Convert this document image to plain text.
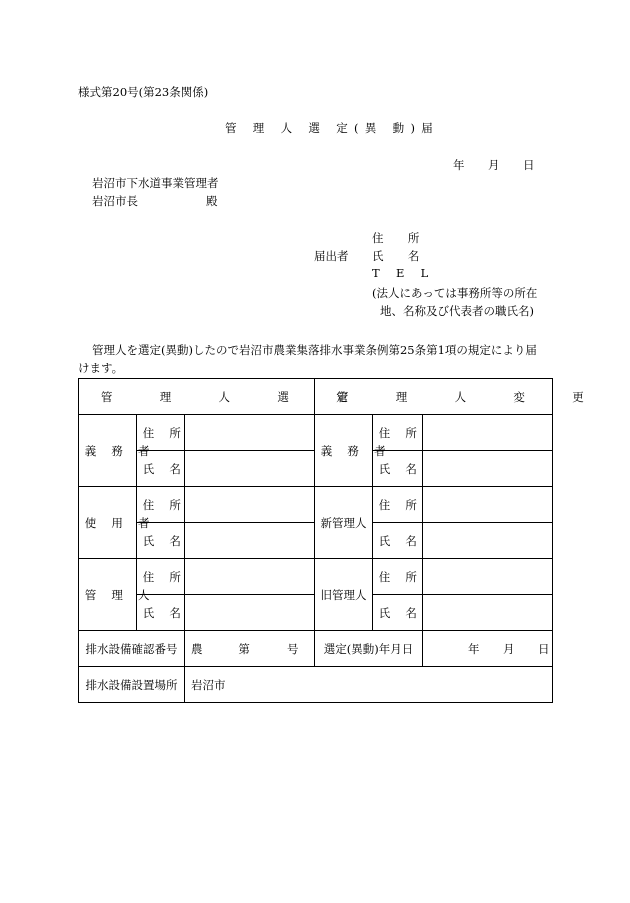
様式第20号(第23条関係)
管 理 人 選 定(異 動)届
年 月 日
岩沼市下水道事業管理者
岩沼市長	殿
住 所
届出者 氏 名
T E L
(法人にあっては事務所等の所在
地、名称及び代表者の職氏名)
管理人を選定(異動)したので岩沼市農業集落排水事業条例第25条第1項の規定により届
けます。
管 理 人 選 定			管 理 人 変 更		
義 務 者	住 所		義 務 者	住 所	
	氏 名			氏 名	
使 用 者	住 所		新管理人	住 所	
	氏 名			氏 名	
管 理 人	住 所		旧管理人	住 所	
	氏 名			氏 名	
排水設備確認番号		農 第 号	選定(異動)年月日		年 月 日

排水設備設置場所		岩沼市			
